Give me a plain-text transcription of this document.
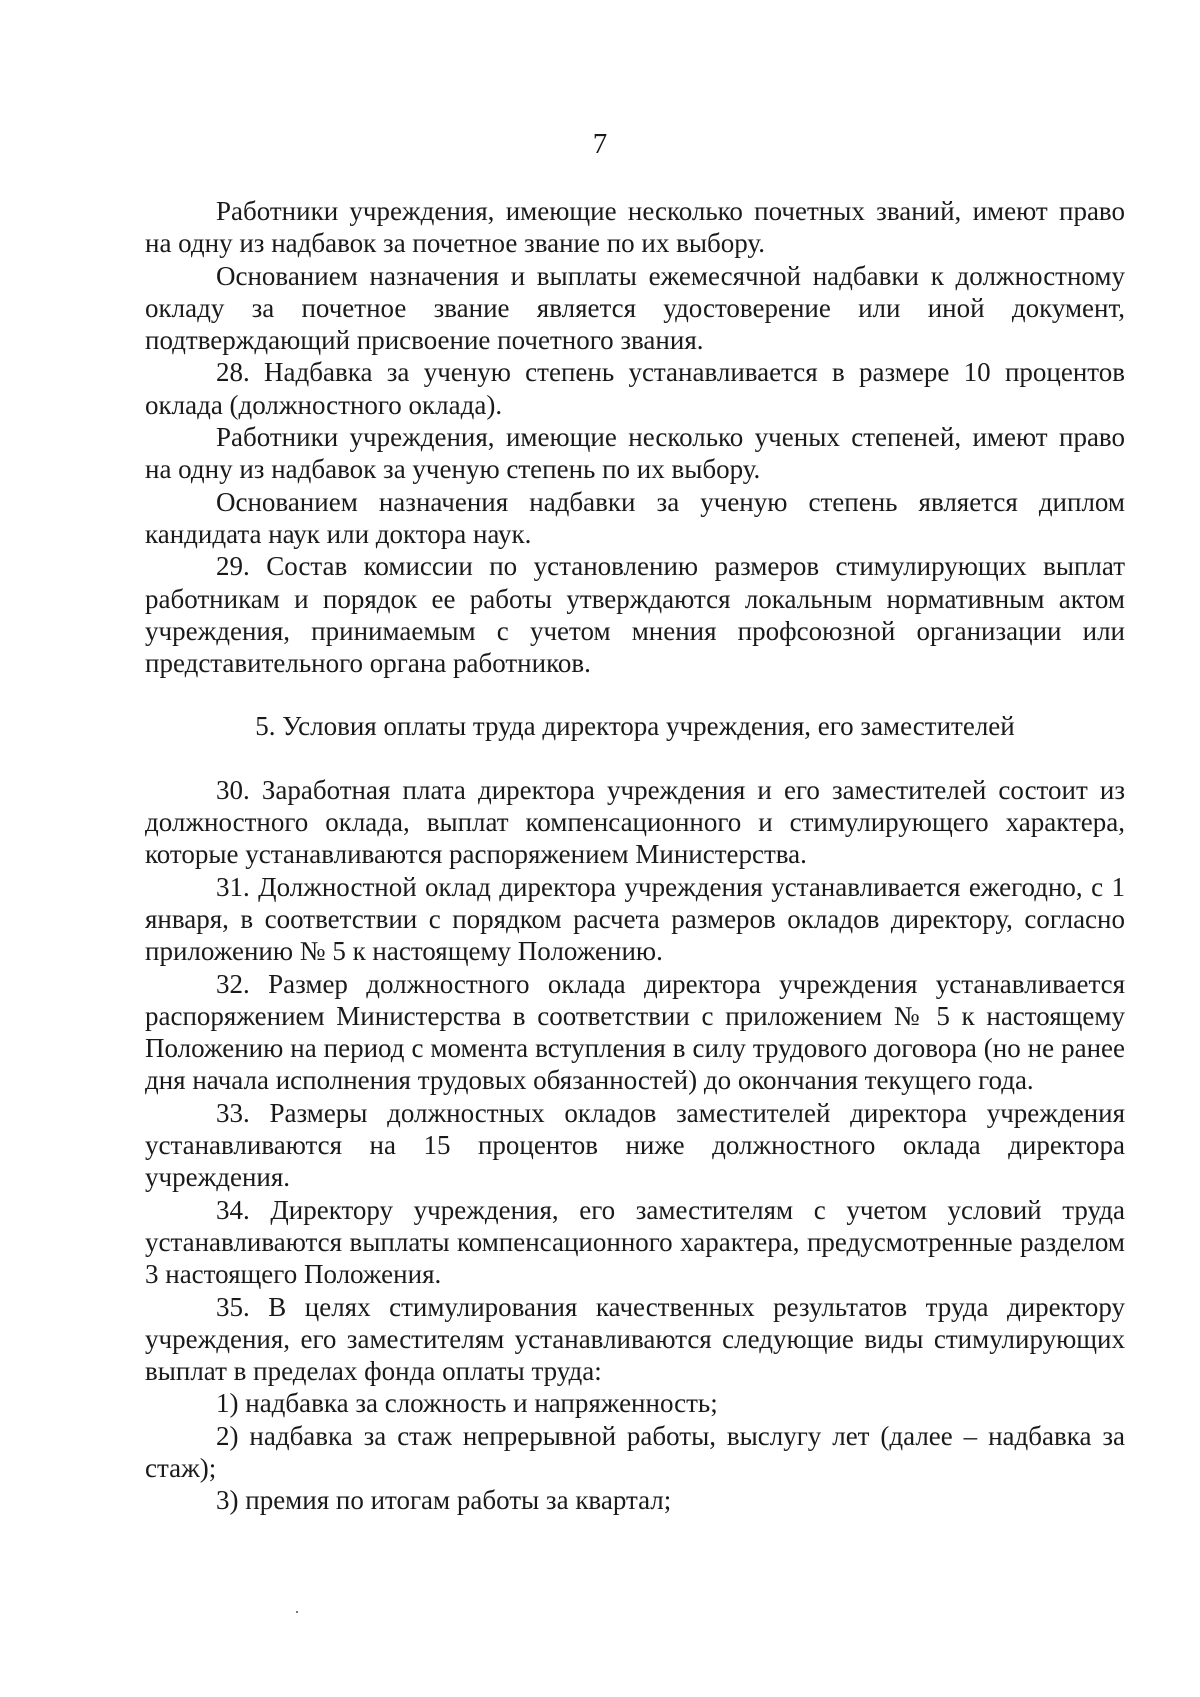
7

Работники учреждения, имеющие несколько почетных званий, имеют право на одну из надбавок за почетное звание по их выбору.

Основанием назначения и выплаты ежемесячной надбавки к должностному окладу за почетное звание является удостоверение или иной документ, подтверждающий присвоение почетного звания.

28. Надбавка за ученую степень устанавливается в размере 10 процентов оклада (должностного оклада).

Работники учреждения, имеющие несколько ученых степеней, имеют право на одну из надбавок за ученую степень по их выбору.

Основанием назначения надбавки за ученую степень является диплом кандидата наук или доктора наук.

29. Состав комиссии по установлению размеров стимулирующих выплат работникам и порядок ее работы утверждаются локальным нормативным актом учреждения, принимаемым с учетом мнения профсоюзной организации или представительного органа работников.

5. Условия оплаты труда директора учреждения, его заместителей

30. Заработная плата директора учреждения и его заместителей состоит из должностного оклада, выплат компенсационного и стимулирующего характера, которые устанавливаются распоряжением Министерства.

31. Должностной оклад директора учреждения устанавливается ежегодно, с 1 января, в соответствии с порядком расчета размеров окладов директору, согласно приложению № 5 к настоящему Положению.

32. Размер должностного оклада директора учреждения устанавливается распоряжением Министерства в соответствии с приложением № 5 к настоящему Положению на период с момента вступления в силу трудового договора (но не ранее дня начала исполнения трудовых обязанностей) до окончания текущего года.

33. Размеры должностных окладов заместителей директора учреждения устанавливаются на 15 процентов ниже должностного оклада директора учреждения.

34. Директору учреждения, его заместителям с учетом условий труда устанавливаются выплаты компенсационного характера, предусмотренные разделом 3 настоящего Положения.

35. В целях стимулирования качественных результатов труда директору учреждения, его заместителям устанавливаются следующие виды стимулирующих выплат в пределах фонда оплаты труда:

1) надбавка за сложность и напряженность;

2) надбавка за стаж непрерывной работы, выслугу лет (далее – надбавка за стаж);

3) премия по итогам работы за квартал;
